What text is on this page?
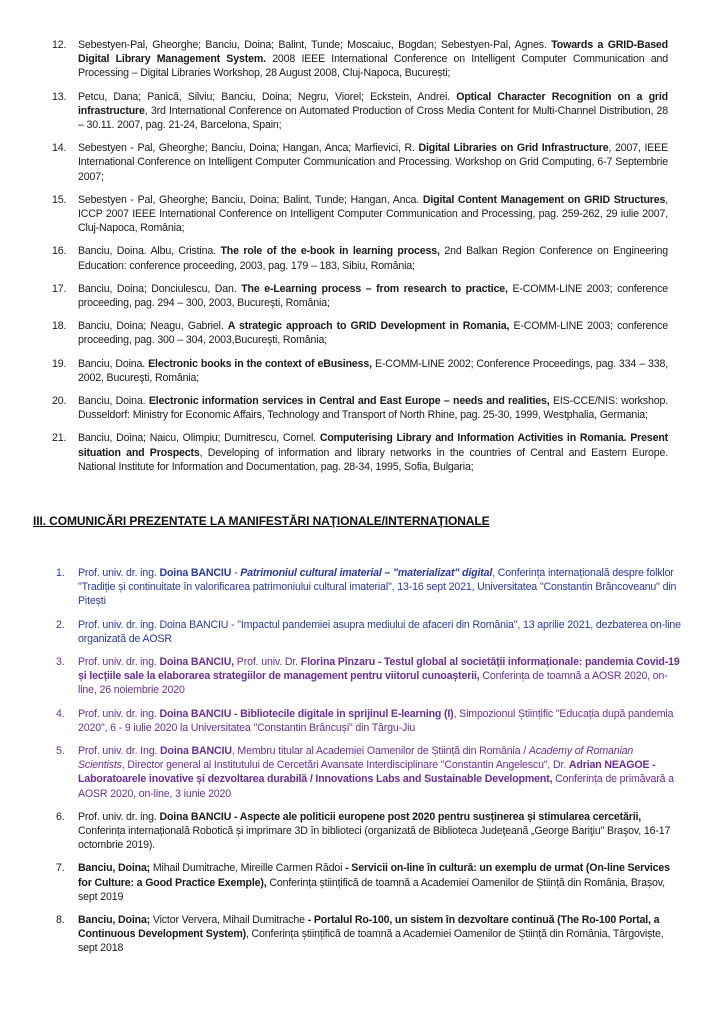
12. Sebestyen-Pal, Gheorghe; Banciu, Doina; Balint, Tunde; Moscaiuc, Bogdan; Sebestyen-Pal, Agnes. Towards a GRID-Based Digital Library Management System. 2008 IEEE International Conference on Intelligent Computer Communication and Processing – Digital Libraries Workshop, 28 August 2008, Cluj-Napoca, București;
13. Petcu, Dana; Panică, Silviu; Banciu, Doina; Negru, Viorel; Eckstein, Andrei. Optical Character Recognition on a grid infrastructure, 3rd International Conference on Automated Production of Cross Media Content for Multi-Channel Distribution, 28 – 30.11. 2007, pag. 21-24, Barcelona, Spain;
14. Sebestyen - Pal, Gheorghe; Banciu, Doina; Hangan, Anca; Marfievici, R. Digital Libraries on Grid Infrastructure, 2007, IEEE International Conference on Intelligent Computer Communication and Processing. Workshop on Grid Computing, 6-7 Septembrie 2007;
15. Sebestyen - Pal, Gheorghe; Banciu, Doina; Balint, Tunde; Hangan, Anca. Digital Content Management on GRID Structures, ICCP 2007 IEEE International Conference on Intelligent Computer Communication and Processing, pag. 259-262, 29 iulie 2007, Cluj-Napoca, România;
16. Banciu, Doina. Albu, Cristina. The role of the e-book in learning process, 2nd Balkan Region Conference on Engineering Education: conference proceeding, 2003, pag. 179 – 183, Sibiu, România;
17. Banciu, Doina; Donciulescu, Dan. The e-Learning process – from research to practice, E-COMM-LINE 2003; conference proceeding, pag. 294 – 300, 2003, Bucureşti, România;
18. Banciu, Doina; Neagu, Gabriel. A strategic approach to GRID Development in Romania, E-COMM-LINE 2003; conference proceeding, pag. 300 – 304, 2003,Bucureşti, România;
19. Banciu, Doina. Electronic books in the context of eBusiness, E-COMM-LINE 2002; Conference Proceedings, pag. 334 – 338, 2002, Bucureşti, România;
20. Banciu, Doina. Electronic information services in Central and East Europe – needs and realities, EIS-CCE/NIS: workshop. Dusseldorf: Ministry for Economic Affairs, Technology and Transport of North Rhine, pag. 25-30, 1999, Westphalia, Germania;
21. Banciu, Doina; Naicu, Olimpiu; Dumitrescu, Cornel. Computerising Library and Information Activities in Romania. Present situation and Prospects, Developing of information and library networks in the countries of Central and Eastern Europe. National Institute for Information and Documentation, pag. 28-34, 1995, Sofia, Bulgaria;
III. COMUNICĂRI PREZENTATE LA MANIFESTĂRI NAŢIONALE/INTERNAŢIONALE
1. Prof. univ. dr. ing. Doina BANCIU - Patrimoniul cultural imaterial – "materializat" digital, Conferința internațională despre folklor "Tradiție și continuitate în valorificarea patrimoniului cultural imaterial", 13-16 sept 2021, Universitatea "Constantin Brâncoveanu" din Pitești
2. Prof. univ. dr. ing. Doina BANCIU - "Impactul pandemiei asupra mediului de afaceri din România", 13 aprilie 2021, dezbaterea on-line organizată de AOSR
3. Prof. univ. dr. ing. Doina BANCIU, Prof. univ. Dr. Florina Pînzaru - Testul global al societății informaționale: pandemia Covid-19 și lecțiile sale la elaborarea strategiilor de management pentru viitorul cunoașterii, Conferința de toamnă a AOSR 2020, on-line, 26 noiembrie 2020
4. Prof. univ. dr. ing. Doina BANCIU - Bibliotecile digitale in sprijinul E-learning (I), Simpozionul Științific "Educația după pandemia 2020", 6 - 9 iulie 2020 la Universitatea "Constantin Brâncuși" din Târgu-Jiu
5. Prof. univ. dr. Ing. Doina BANCIU, Membru titular al Academiei Oamenilor de Știință din România / Academy of Romanian Scientists, Director general al Institutului de Cercetări Avansate Interdisciplinare "Constantin Angelescu", Dr. Adrian NEAGOE - Laboratoarele inovative și dezvoltarea durabilă / Innovations Labs and Sustainable Development, Conferința de primăvară a AOSR 2020, on-line, 3 iunie 2020
6. Prof. univ. dr. ing. Doina BANCIU - Aspecte ale politicii europene post 2020 pentru susținerea și stimularea cercetării, Conferința internațională Robotică și imprimare 3D în biblioteci (organizată de Biblioteca Judeţeană „George Bariţiu" Braşov, 16-17 octombrie 2019).
7. Banciu, Doina; Mihail Dumitrache, Mireille Carmen Rădoi - Servicii on-line în cultură: un exemplu de urmat (On-line Services for Culture: a Good Practice Exemple), Conferința științifică de toamnă a Academiei Oamenilor de Știință din România, Brașov, sept 2019
8. Banciu, Doina; Victor Ververa, Mihail Dumitrache - Portalul Ro-100, un sistem în dezvoltare continuă (The Ro-100 Portal, a Continuous Development System), Conferința științifică de toamnă a Academiei Oamenilor de Știință din România, Târgoviște, sept 2018
